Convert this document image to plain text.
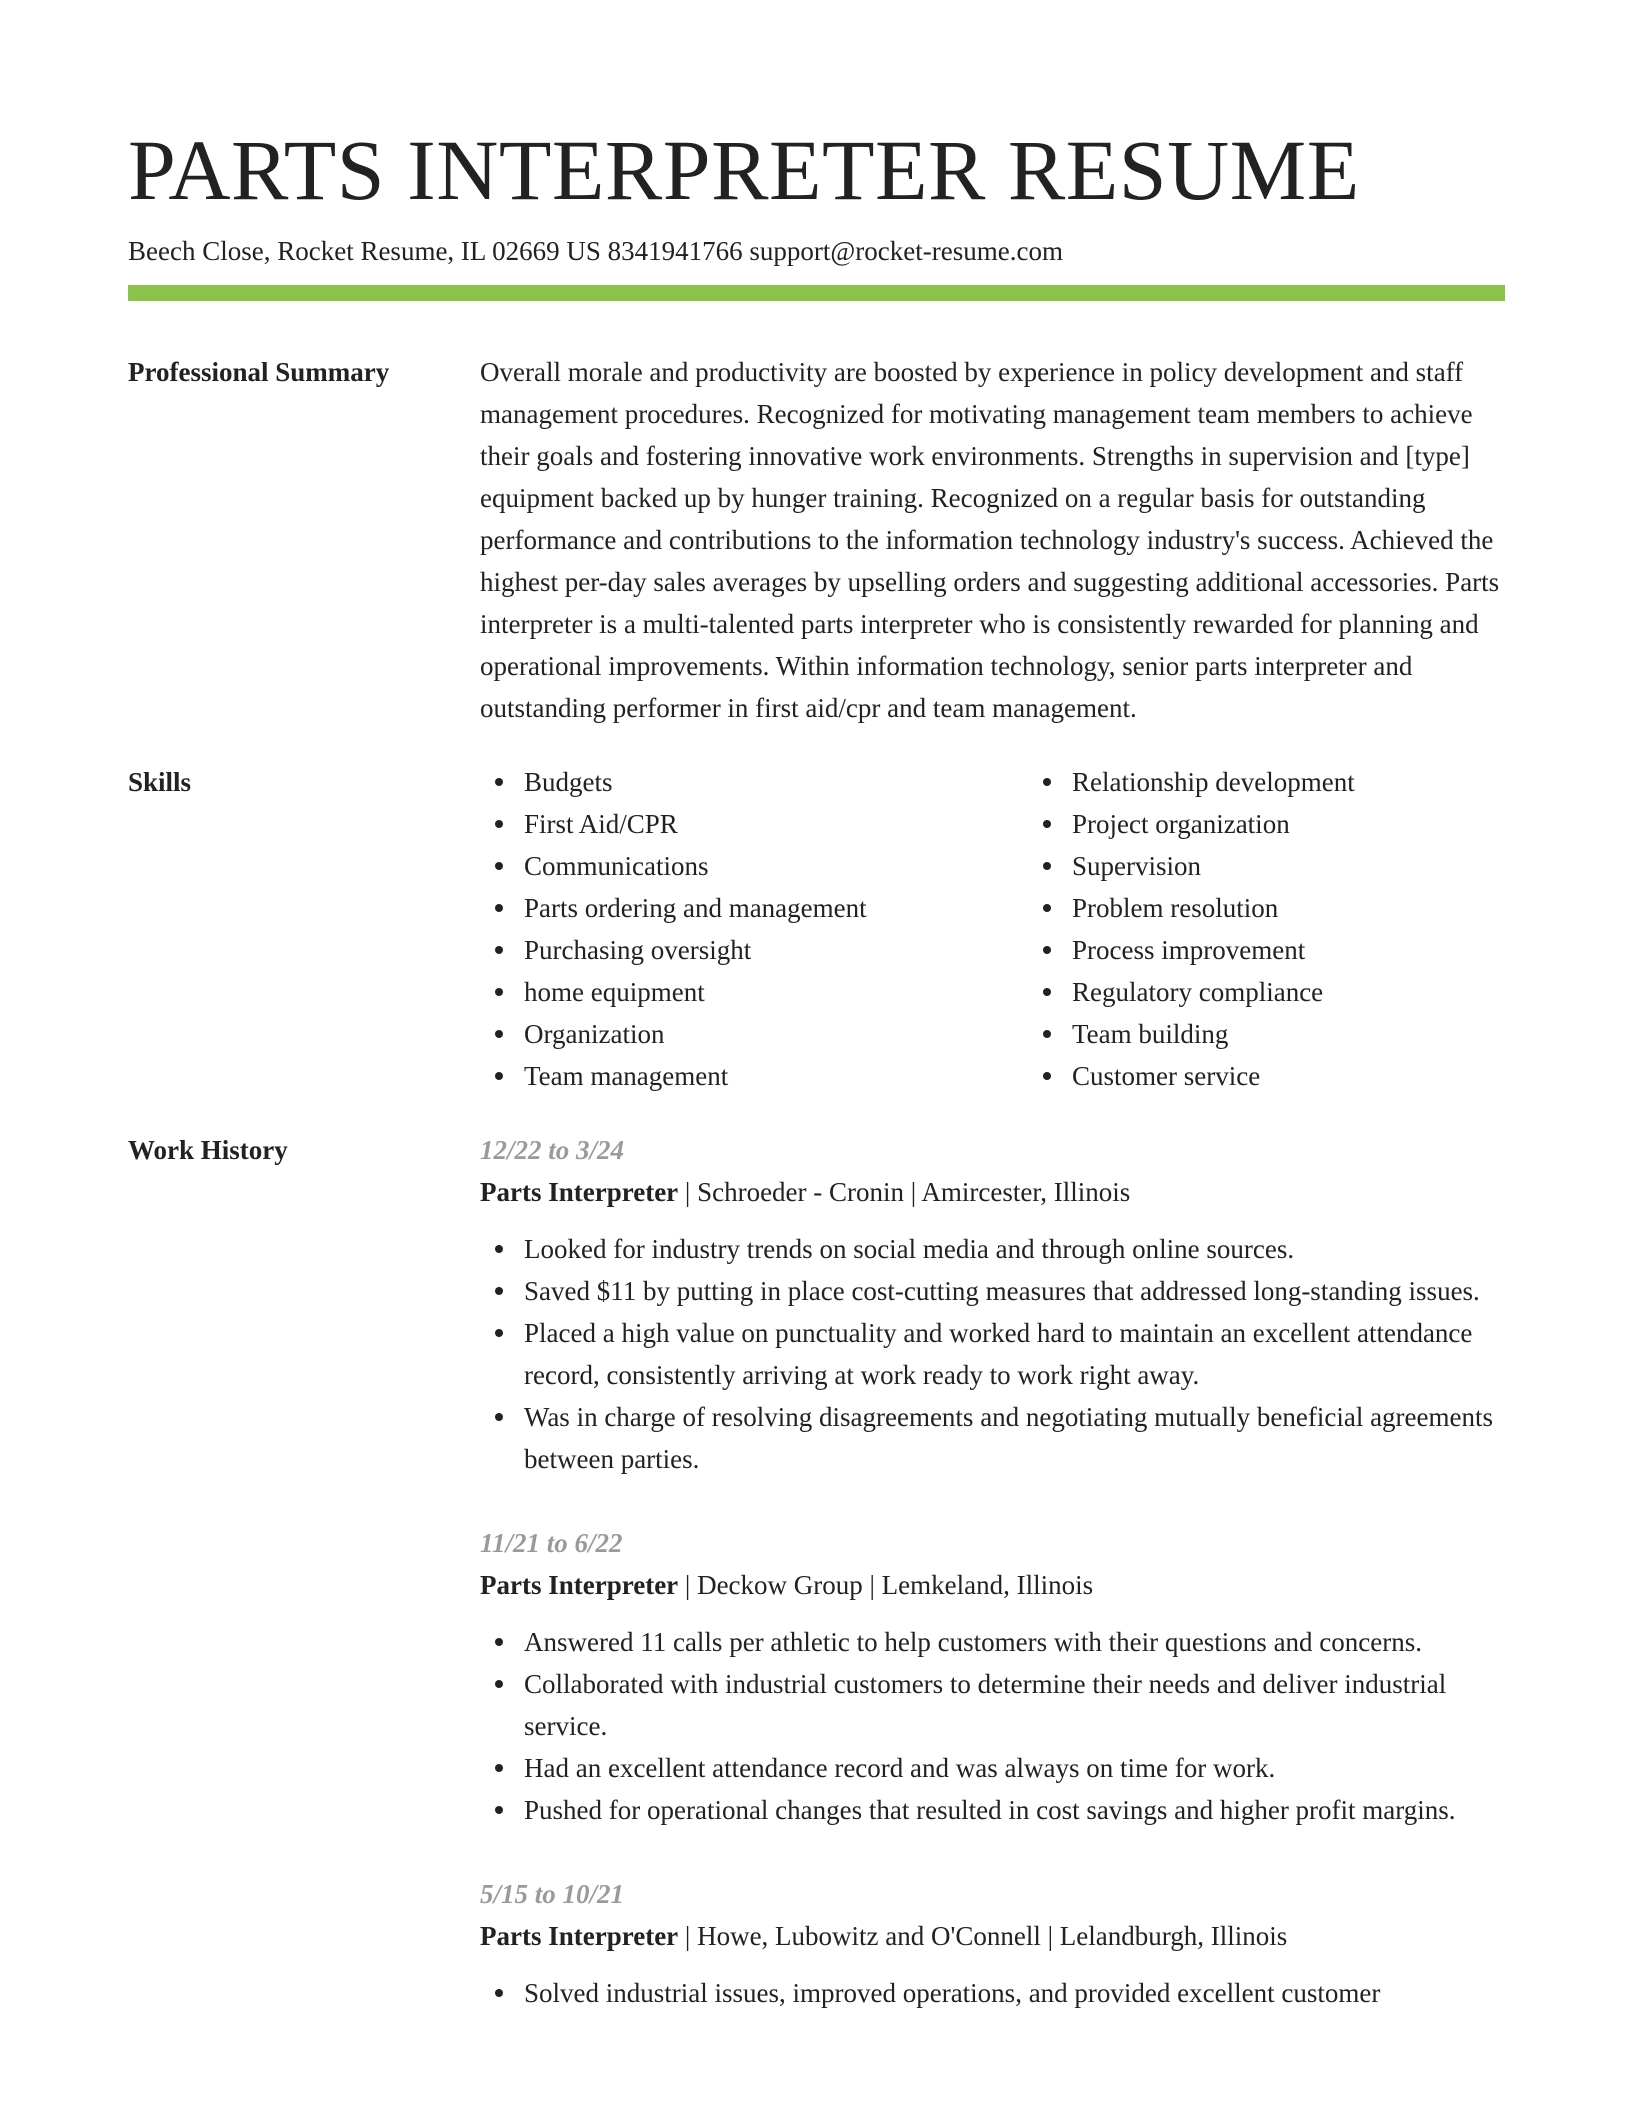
PARTS INTERPRETER RESUME
Beech Close, Rocket Resume, IL 02669 US 8341941766 support@rocket-resume.com
Professional Summary	Overall morale and productivity are boosted by experience in policy development and staff management procedures. Recognized for motivating management team members to achieve their goals and fostering innovative work environments. Strengths in supervision and [type] equipment backed up by hunger training. Recognized on a regular basis for outstanding performance and contributions to the information technology industry's success. Achieved the highest per-day sales averages by upselling orders and suggesting additional accessories. Parts interpreter is a multi-talented parts interpreter who is consistently rewarded for planning and operational improvements. Within information technology, senior parts interpreter and outstanding performer in first aid/cpr and team management.
Skills	Budgets
First Aid/CPR
Communications
Parts ordering and management
Purchasing oversight
home equipment
Organization
Team management
Relationship development
Project organization
Supervision
Problem resolution
Process improvement
Regulatory compliance
Team building
Customer service
Work History	12/22 to 3/24
Parts Interpreter | Schroeder - Cronin | Amircester, Illinois
Looked for industry trends on social media and through online sources.
Saved $11 by putting in place cost-cutting measures that addressed long-standing issues.
Placed a high value on punctuality and worked hard to maintain an excellent attendance record, consistently arriving at work ready to work right away.
Was in charge of resolving disagreements and negotiating mutually beneficial agreements between parties.
11/21 to 6/22
Parts Interpreter | Deckow Group | Lemkeland, Illinois
Answered 11 calls per athletic to help customers with their questions and concerns.
Collaborated with industrial customers to determine their needs and deliver industrial service.
Had an excellent attendance record and was always on time for work.
Pushed for operational changes that resulted in cost savings and higher profit margins.
5/15 to 10/21
Parts Interpreter | Howe, Lubowitz and O'Connell | Lelandburgh, Illinois
Solved industrial issues, improved operations, and provided excellent customer
